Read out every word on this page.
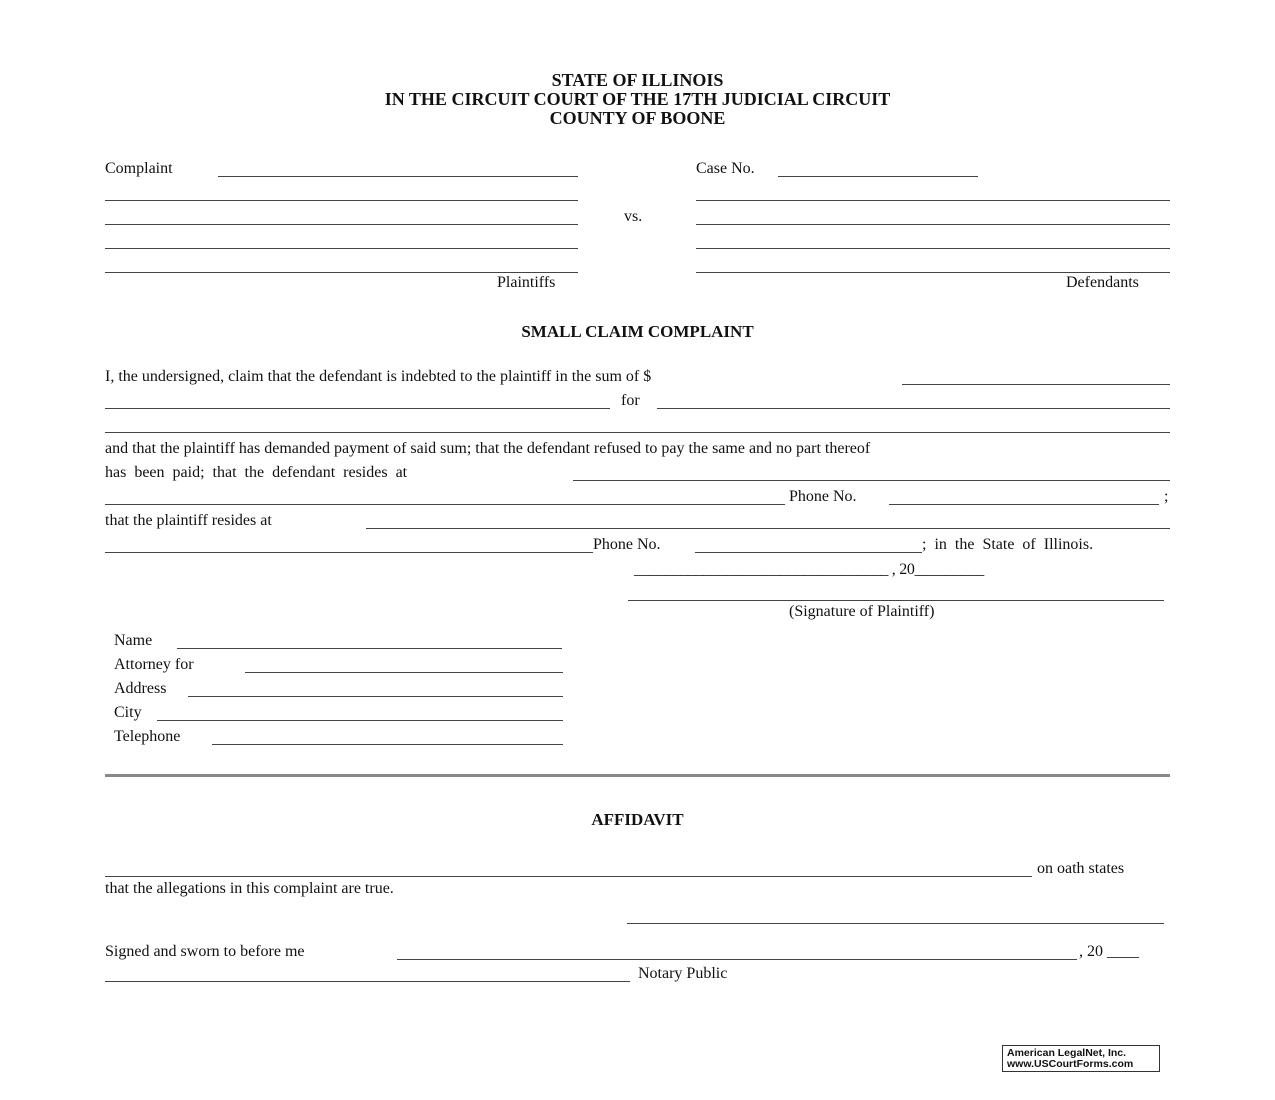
STATE OF ILLINOIS
IN THE CIRCUIT COURT OF THE 17TH JUDICIAL CIRCUIT
COUNTY OF BOONE
Complaint
Plaintiffs
vs.
Case No.
Defendants
SMALL CLAIM COMPLAINT
I, the undersigned, claim that the defendant is indebted to the plaintiff in the sum of $
for
and that the plaintiff has demanded payment of said sum; that the defendant refused to pay the same and no part thereof
has  been  paid;  that  the  defendant  resides  at
Phone No.	;
that the plaintiff resides at
Phone No.	;  in  the  State  of  Illinois.
_________________________________ , 20_________
(Signature of Plaintiff)
Name
Attorney for
Address
City
Telephone
AFFIDAVIT
on oath states
that the allegations in this complaint are true.
Signed and sworn to before me	, 20 ____
Notary Public
American LegalNet, Inc.
www.USCourtForms.com
